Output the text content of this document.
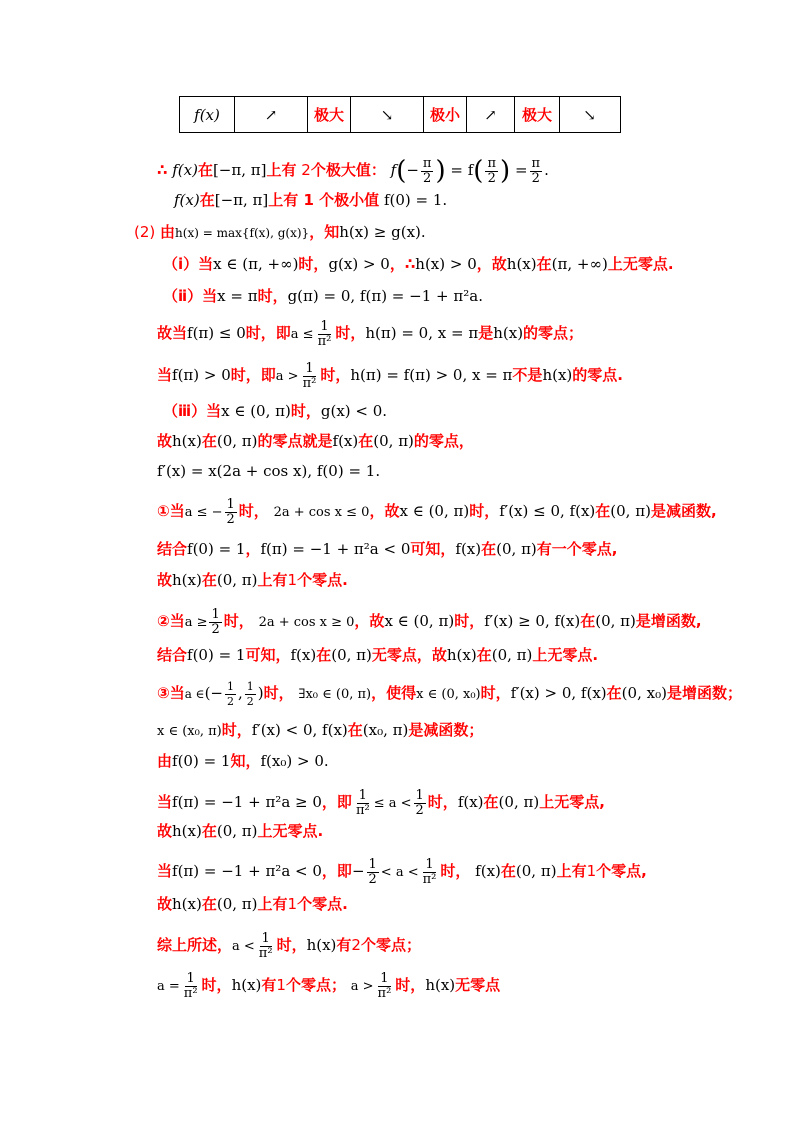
f(x)	↗ 极大 ↘ 极小 ↗ 极大 ↘
∴ f(x)在[−π, π]上有 2个极大值： $f(- \frac{\pi}{2}$ ) = $f( \frac{\pi}{2}$ ) = $\frac{\pi}{2}$ .
f(x)在[−π, π]上有 1 个极小值 f(0) = 1.
(2) 由h(x) = max{f(x), g(x)}，知h(x) ≥ g(x).
（ⅰ）当x ∈ (π, +∞)时，g(x) > 0，∴h(x) > 0，故h(x)在(π, +∞)上无零点.
（ⅱ）当x = π时，g(π) = 0, f(π) = −1 + π²a.
故当f(π) ≤ 0时，即$a \le \frac{1}{\text{π²}}$ 时，h(π) = 0, x = π是h(x)的零点；
当f(π) > 0时，即$a > \frac{1}{\text{π²}}$ 时，h(π) = f(π) > 0, x = π不是h(x)的零点.
（ⅲ）当x ∈ (0, π)时，g(x) < 0.
故h(x)在(0, π)的零点就是f(x)在(0, π)的零点，
f′(x) = x(2a + cos x), f(0) = 1.
①当a ≤ − $\frac{1}{2}$ 时， 2a + cos x ≤ 0，故x ∈ (0, π)时，f′(x) ≤ 0, f(x)在(0, π)是减函数,
结合f(0) = 1，f(π) = −1 + π²a < 0可知，f(x)在(0, π)有一个零点,
故h(x)在(0, π)上有1个零点.
②当$a \ge \frac{1}{2}$ 时， 2a + cos x ≥ 0，故x ∈ (0, π)时，f′(x) ≥ 0, f(x)在(0, π)是增函数,
结合f(0) = 1可知，f(x)在(0, π)无零点，故h(x)在(0, π)上无零点.
③当a ∈(− $\frac{1}{2}$ , $\frac{1}{2}$ )时， ∃x₀ ∈ (0, π)，使得x ∈ (0, x₀)时，f′(x) > 0, f(x)在(0, x₀)是增函数；
x ∈ (x₀, π)时，f′(x) < 0, f(x)在(x₀, π)是减函数；
由f(0) = 1知，f(x₀) > 0.
当f(π) = −1 + π²a ≥ 0，即 $\frac{1}{\text{π²}} \le a < \frac{1}{2}$ 时，f(x)在(0, π)上无零点,
故h(x)在(0, π)上无零点.
当f(π) = −1 + π²a < 0，即− $\frac{1}{2} < a < \frac{1}{\text{π²}}$ 时， f(x)在(0, π)上有1个零点,
故h(x)在(0, π)上有1个零点.
综上所述，$a < \frac{1}{\text{π²}}$ 时，h(x)有2个零点；
$a = \frac{1}{\text{π²}}$ 时，h(x)有1个零点； $a > \frac{1}{\text{π²}}$ 时，h(x)无零点
